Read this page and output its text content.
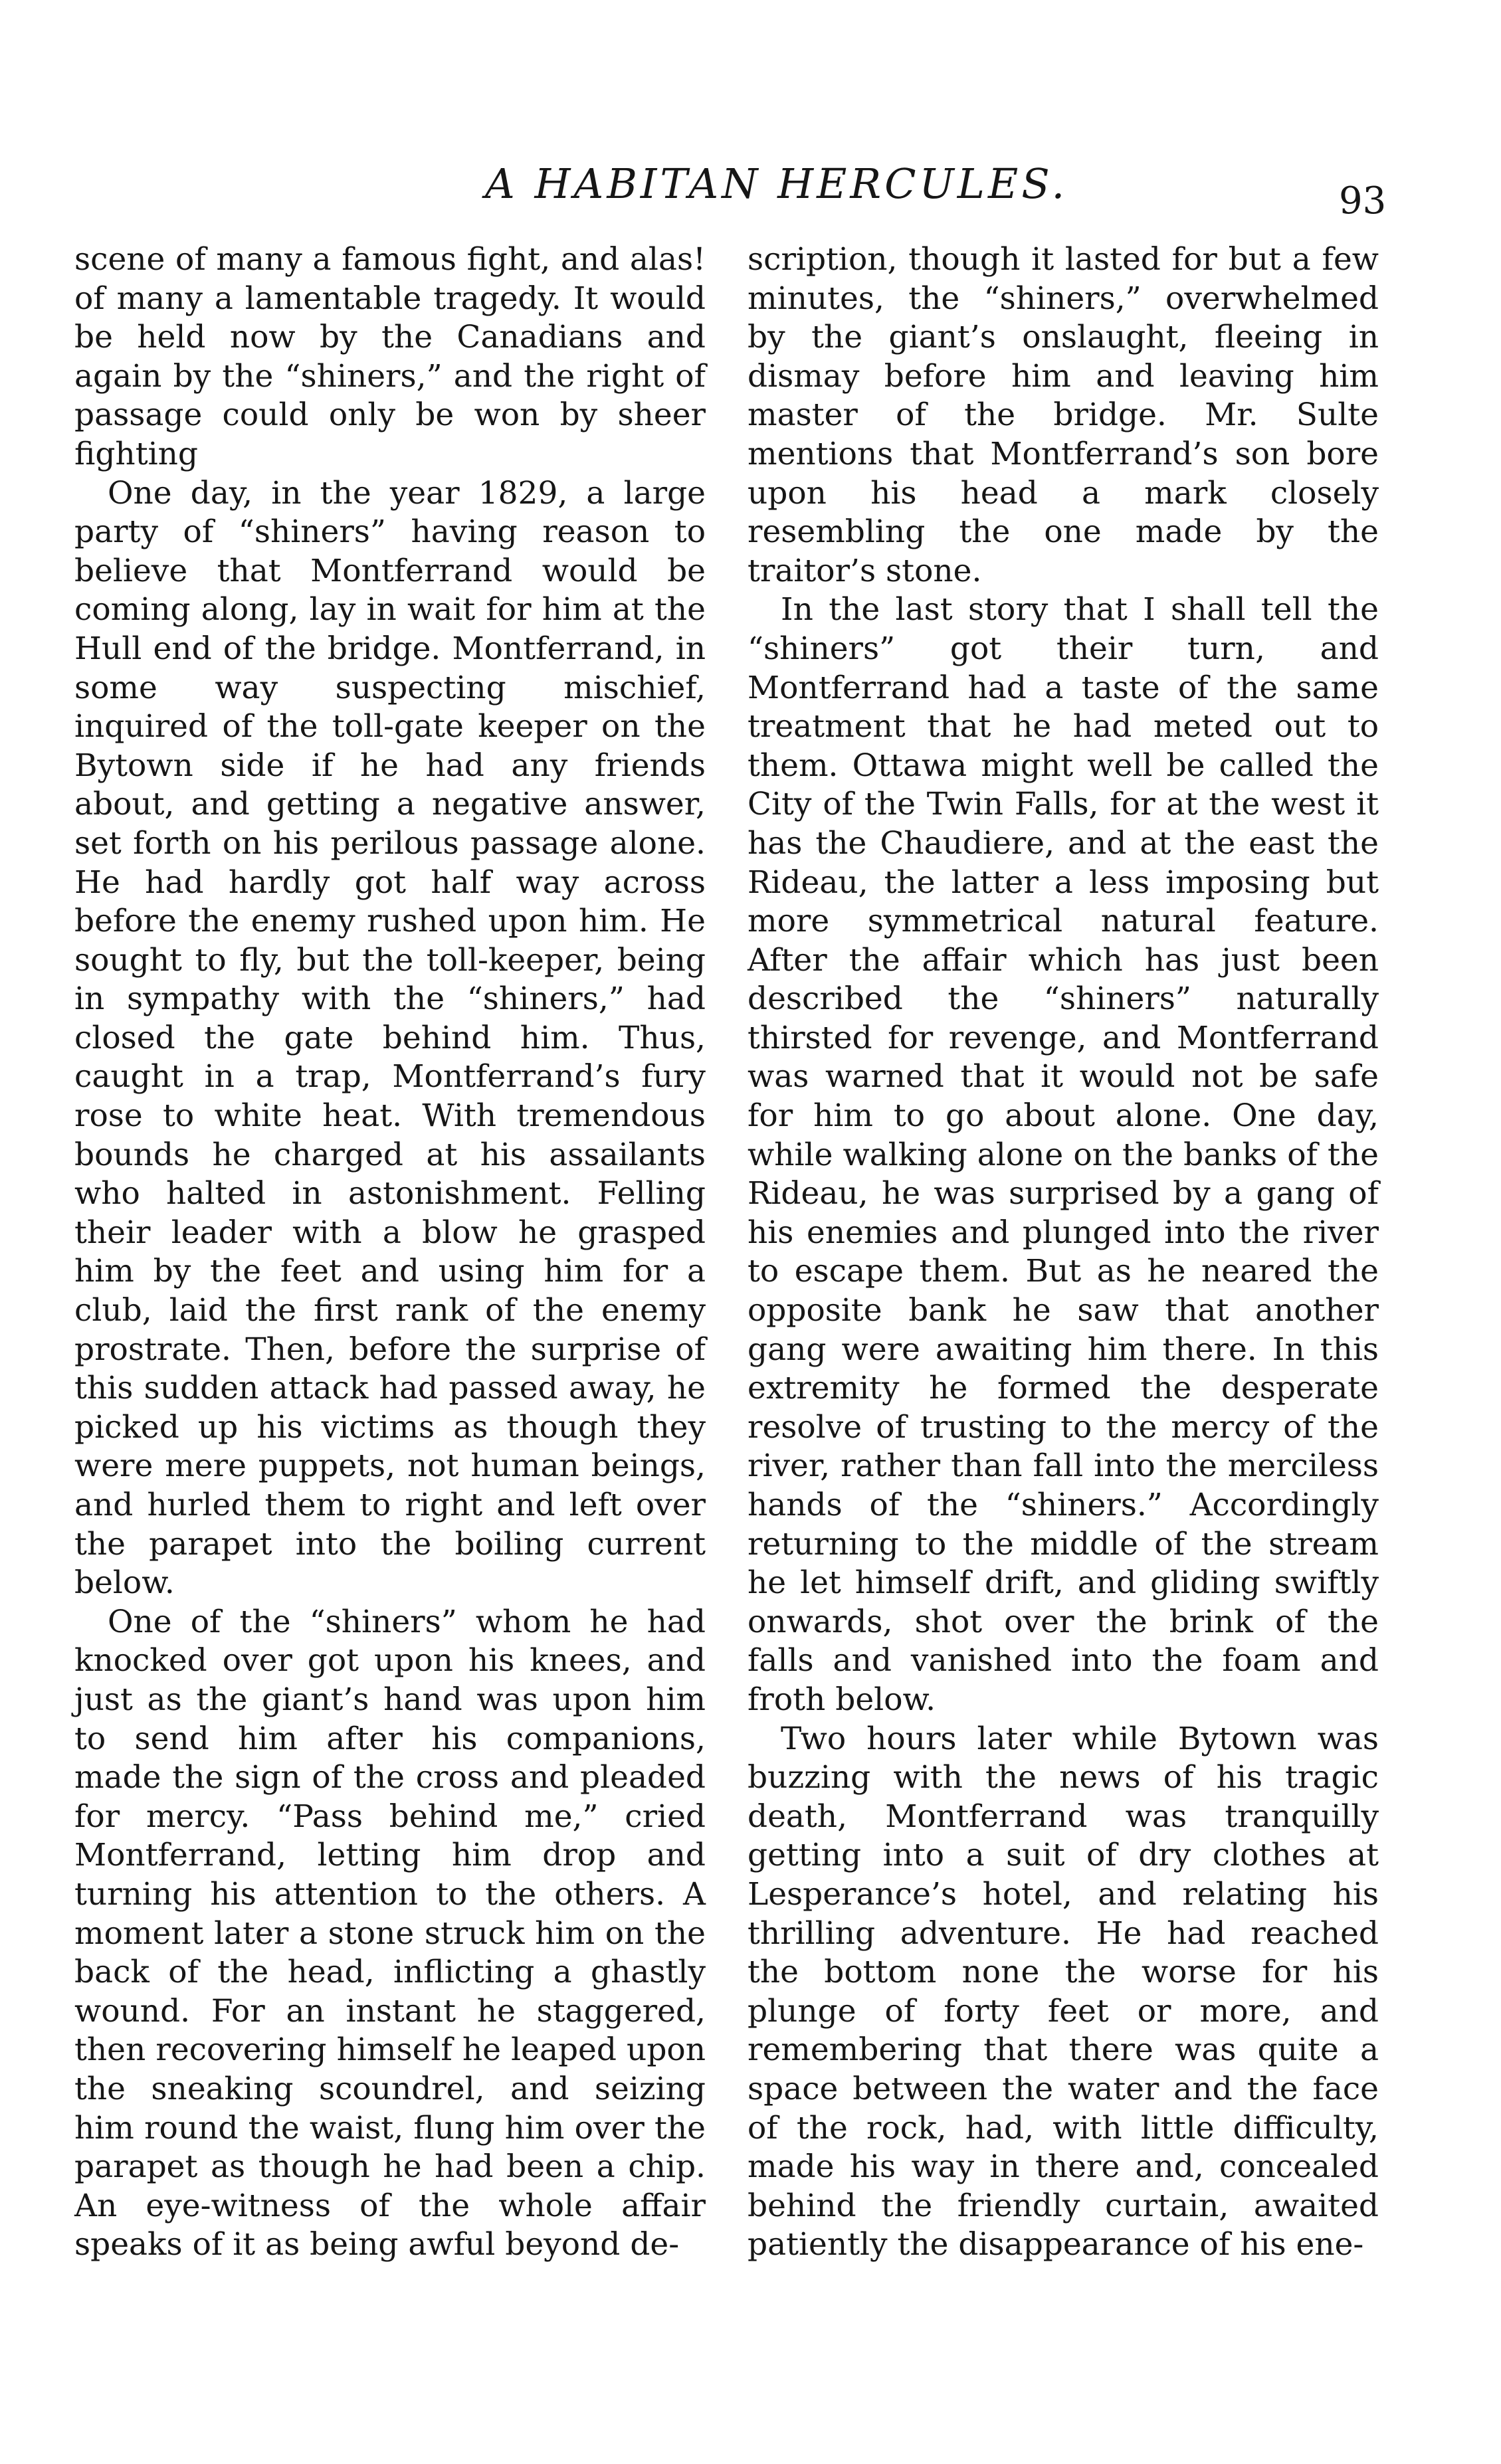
A HABITAN HERCULES.	93

scene of many a famous fight, and alas! of many a lamentable tragedy. It would be held now by the Canadians and again by the “shiners,” and the right of passage could only be won by sheer fighting

One day, in the year 1829, a large party of “shiners” having reason to believe that Montferrand would be coming along, lay in wait for him at the Hull end of the bridge. Montferrand, in some way suspecting mischief, inquired of the toll-gate keeper on the Bytown side if he had any friends about, and getting a negative answer, set forth on his perilous passage alone. He had hardly got half way across before the enemy rushed upon him. He sought to fly, but the toll-keeper, being in sympathy with the “shiners,” had closed the gate behind him. Thus, caught in a trap, Montferrand’s fury rose to white heat. With tremendous bounds he charged at his assailants who halted in astonishment. Felling their leader with a blow he grasped him by the feet and using him for a club, laid the first rank of the enemy prostrate. Then, before the surprise of this sudden attack had passed away, he picked up his victims as though they were mere puppets, not human beings, and hurled them to right and left over the parapet into the boiling current below.

One of the “shiners” whom he had knocked over got upon his knees, and just as the giant’s hand was upon him to send him after his companions, made the sign of the cross and pleaded for mercy. “Pass behind me,” cried Montferrand, letting him drop and turning his attention to the others. A moment later a stone struck him on the back of the head, inflicting a ghastly wound. For an instant he staggered, then recovering himself he leaped upon the sneaking scoundrel, and seizing him round the waist, flung him over the parapet as though he had been a chip. An eye-witness of the whole affair speaks of it as being awful beyond de-

scription, though it lasted for but a few minutes, the “shiners,” overwhelmed by the giant’s onslaught, fleeing in dismay before him and leaving him master of the bridge. Mr. Sulte mentions that Montferrand’s son bore upon his head a mark closely resembling the one made by the traitor’s stone.

In the last story that I shall tell the “shiners” got their turn, and Montferrand had a taste of the same treatment that he had meted out to them. Ottawa might well be called the City of the Twin Falls, for at the west it has the Chaudiere, and at the east the Rideau, the latter a less imposing but more symmetrical natural feature. After the affair which has just been described the “shiners” naturally thirsted for revenge, and Montferrand was warned that it would not be safe for him to go about alone. One day, while walking alone on the banks of the Rideau, he was surprised by a gang of his enemies and plunged into the river to escape them. But as he neared the opposite bank he saw that another gang were awaiting him there. In this extremity he formed the desperate resolve of trusting to the mercy of the river, rather than fall into the merciless hands of the “shiners.” Accordingly returning to the middle of the stream he let himself drift, and gliding swiftly onwards, shot over the brink of the falls and vanished into the foam and froth below.

Two hours later while Bytown was buzzing with the news of his tragic death, Montferrand was tranquilly getting into a suit of dry clothes at Lesperance’s hotel, and relating his thrilling adventure. He had reached the bottom none the worse for his plunge of forty feet or more, and remembering that there was quite a space between the water and the face of the rock, had, with little difficulty, made his way in there and, concealed behind the friendly curtain, awaited patiently the disappearance of his ene-
